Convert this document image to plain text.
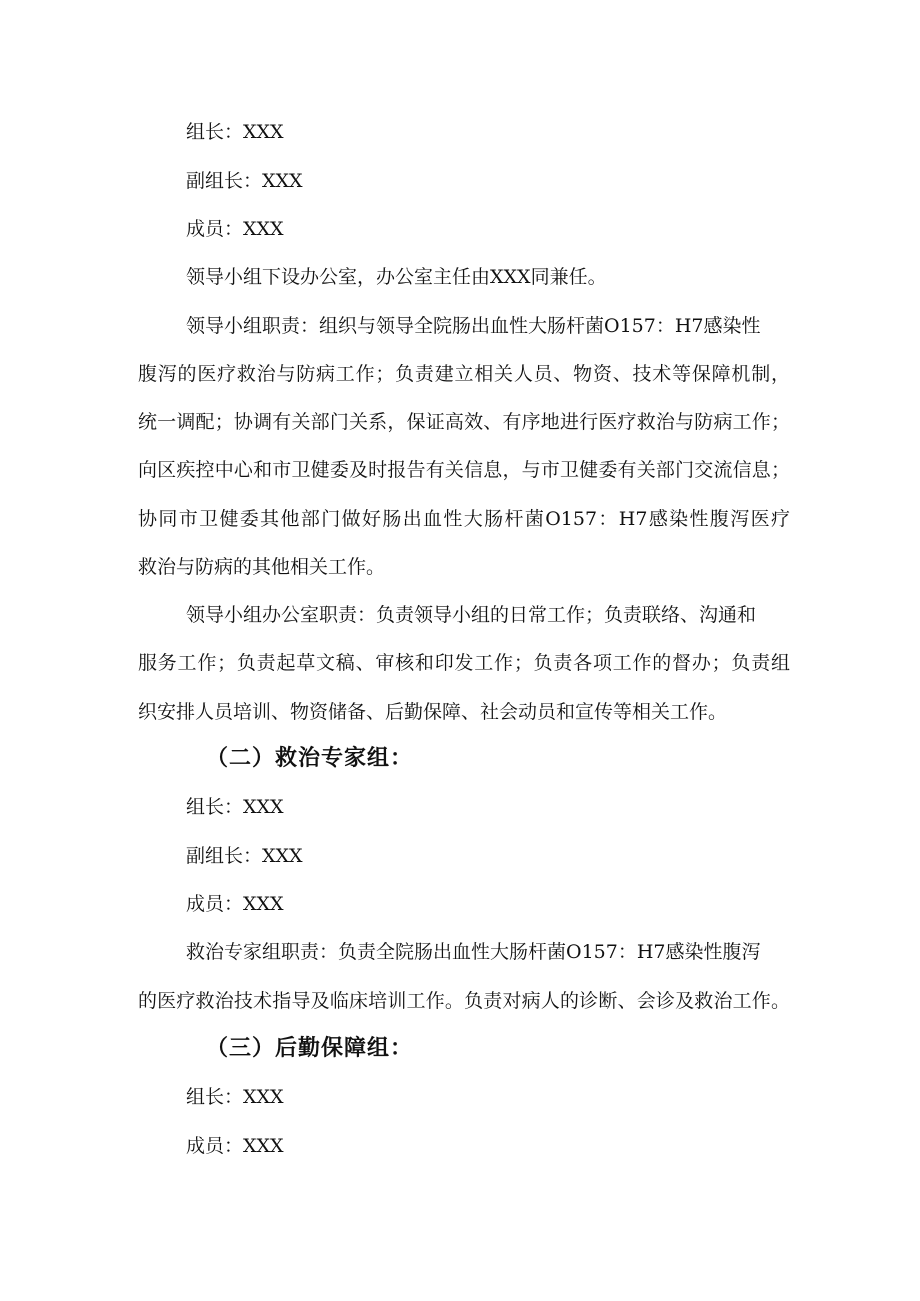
组长：XXX
副组长：XXX
成员：XXX
领导小组下设办公室，办公室主任由XXX同兼任。
领导小组职责：组织与领导全院肠出血性大肠杆菌O157：H7感染性
腹泻的医疗救治与防病工作；负责建立相关人员、物资、技术等保障机制，
统一调配；协调有关部门关系，保证高效、有序地进行医疗救治与防病工作；
向区疾控中心和市卫健委及时报告有关信息，与市卫健委有关部门交流信息；
协同市卫健委其他部门做好肠出血性大肠杆菌O157：H7感染性腹泻医疗
救治与防病的其他相关工作。
领导小组办公室职责：负责领导小组的日常工作；负责联络、沟通和
服务工作；负责起草文稿、审核和印发工作；负责各项工作的督办；负责组
织安排人员培训、物资储备、后勤保障、社会动员和宣传等相关工作。
（二）救治专家组：
组长：XXX
副组长：XXX
成员：XXX
救治专家组职责：负责全院肠出血性大肠杆菌O157：H7感染性腹泻
的医疗救治技术指导及临床培训工作。负责对病人的诊断、会诊及救治工作。
（三）后勤保障组：
组长：XXX
成员：XXX
